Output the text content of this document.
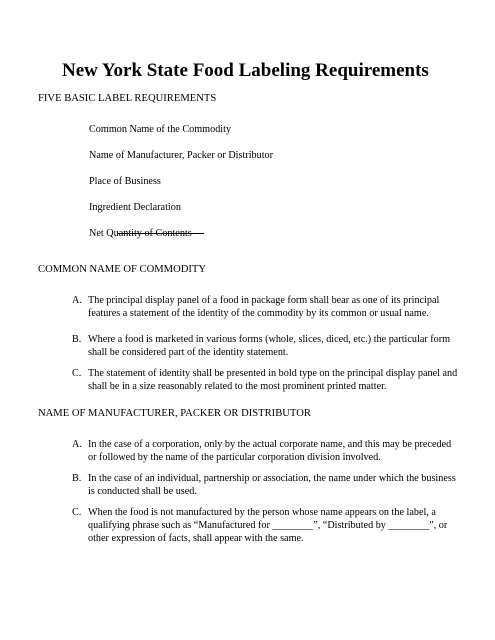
New York State Food Labeling Requirements
FIVE BASIC LABEL REQUIREMENTS
Common Name of the Commodity
Name of Manufacturer, Packer or Distributor
Place of Business
Ingredient Declaration
Net Quantity of Contents
COMMON NAME OF COMMODITY
A. The principal display panel of a food in package form shall bear as one of its principal features a statement of the identity of the commodity by its common or usual name.
B. Where a food is marketed in various forms (whole, slices, diced, etc.) the particular form shall be considered part of the identity statement.
C. The statement of identity shall be presented in bold type on the principal display panel and shall be in a size reasonably related to the most prominent printed matter.
NAME OF MANUFACTURER, PACKER OR DISTRIBUTOR
A. In the case of a corporation, only by the actual corporate name, and this may be preceded or followed by the name of the particular corporation division involved.
B. In the case of an individual, partnership or association, the name under which the business is conducted shall be used.
C. When the food is not manufactured by the person whose name appears on the label, a qualifying phrase such as “Manufactured for ________”, “Distributed by ________”, or other expression of facts, shall appear with the same.
